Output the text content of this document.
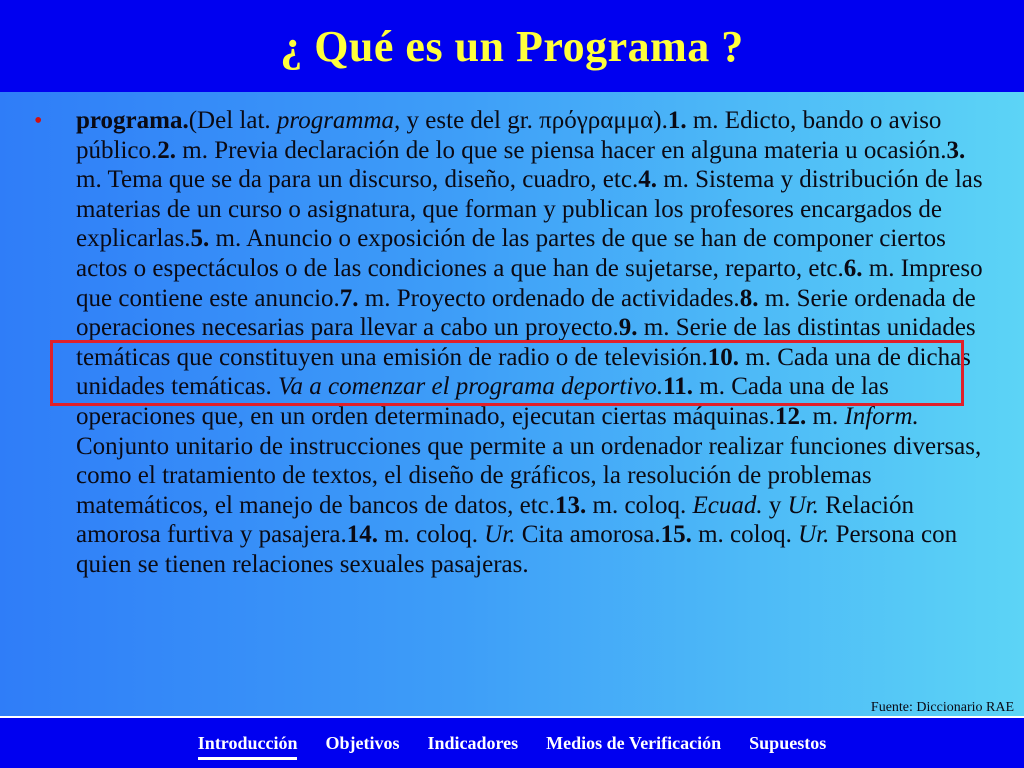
¿ Qué es un Programa ?
• programa.(Del lat. programma, y este del gr. πρόγραμμα).1. m. Edicto, bando o aviso público.2. m. Previa declaración de lo que se piensa hacer en alguna materia u ocasión.3. m. Tema que se da para un discurso, diseño, cuadro, etc.4. m. Sistema y distribución de las materias de un curso o asignatura, que forman y publican los profesores encargados de explicarlas.5. m. Anuncio o exposición de las partes de que se han de componer ciertos actos o espectáculos o de las condiciones a que han de sujetarse, reparto, etc.6. m. Impreso que contiene este anuncio.7. m. Proyecto ordenado de actividades.8. m. Serie ordenada de operaciones necesarias para llevar a cabo un proyecto.9. m. Serie de las distintas unidades temáticas que constituyen una emisión de radio o de televisión.10. m. Cada una de dichas unidades temáticas. Va a comenzar el programa deportivo.11. m. Cada una de las operaciones que, en un orden determinado, ejecutan ciertas máquinas.12. m. Inform. Conjunto unitario de instrucciones que permite a un ordenador realizar funciones diversas, como el tratamiento de textos, el diseño de gráficos, la resolución de problemas matemáticos, el manejo de bancos de datos, etc.13. m. coloq. Ecuad. y Ur. Relación amorosa furtiva y pasajera.14. m. coloq. Ur. Cita amorosa.15. m. coloq. Ur. Persona con quien se tienen relaciones sexuales pasajeras.

Fuente: Diccionario RAE
Introducción Objetivos Indicadores Medios de Verificación Supuestos
